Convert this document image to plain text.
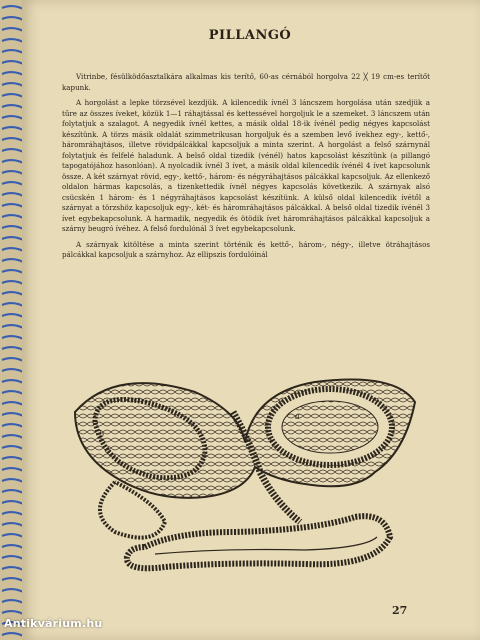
PILLANGÓ

Vitrinbe, fésülködőasztalkára alkalmas kis terítő, 60-as cérnából horgolva 22 ╳ 19 cm-es terítőt kapunk.

A horgolást a lepke törzsével kezdjük. A kilencedik ívnél 3 láncszem horgolása után szedjük a tűre az összes íveket, közük 1—1 ráhajtással és kettessével horgoljuk le a szemeket. 3 láncszem után folytatjuk a szalagot. A negyedik ívnél kettes, a másik oldal 18-ik ívénél pedig négyes kapcsolást készítünk. A törzs másik oldalát szimmetrikusan horgoljuk és a szemben levő ívekhez egy-, kettő-, háromráhajtásos, illetve rövidpálcákkal kapcsoljuk a minta szerint. A horgolást a felső szárnynál folytatjuk és felfelé haladunk. A belső oldal tizedik (vénél) hatos kapcsolást készítünk (a pillangó tapogatójához hasonlóan). A nyolcadik ívnél 3 ívet, a másik oldal kilencedik ívénél 4 ívet kapcsolunk össze. A két szárnyat rövid, egy-, kettő-, három- és négyráhajtásos pálcákkal kapcsoljuk. Az ellenkező oldalon hármas kapcsolás, a tizenkettedik ívnél négyes kapcsolás következik. A szárnyak alsó csücskén 1 három- és 1 négyráhajtásos kapcsolást készítünk. A külső oldal kilencedik ívétől a szárnyat a törzshöz kapcsoljuk egy-, két- és háromráhajtásos pálcákkal. A belső oldal tizedik ívénél 3 ívet egybekapcsolunk. A harmadik, negyedik és ötödik ívet háromráhajtásos pálcákkal kapcsoljuk a szárny beugró ívéhez. A felső fordulónál 3 ívet egybekapcsolunk.

A szárnyak kitöltése a minta szerint történik és kettő-, három-, négy-, illetve ötráhajtásos pálcákkal kapcsoljuk a szárnyhoz. Az ellipszis fordulóinál

b
c
a
27
Antikvárium.hu
